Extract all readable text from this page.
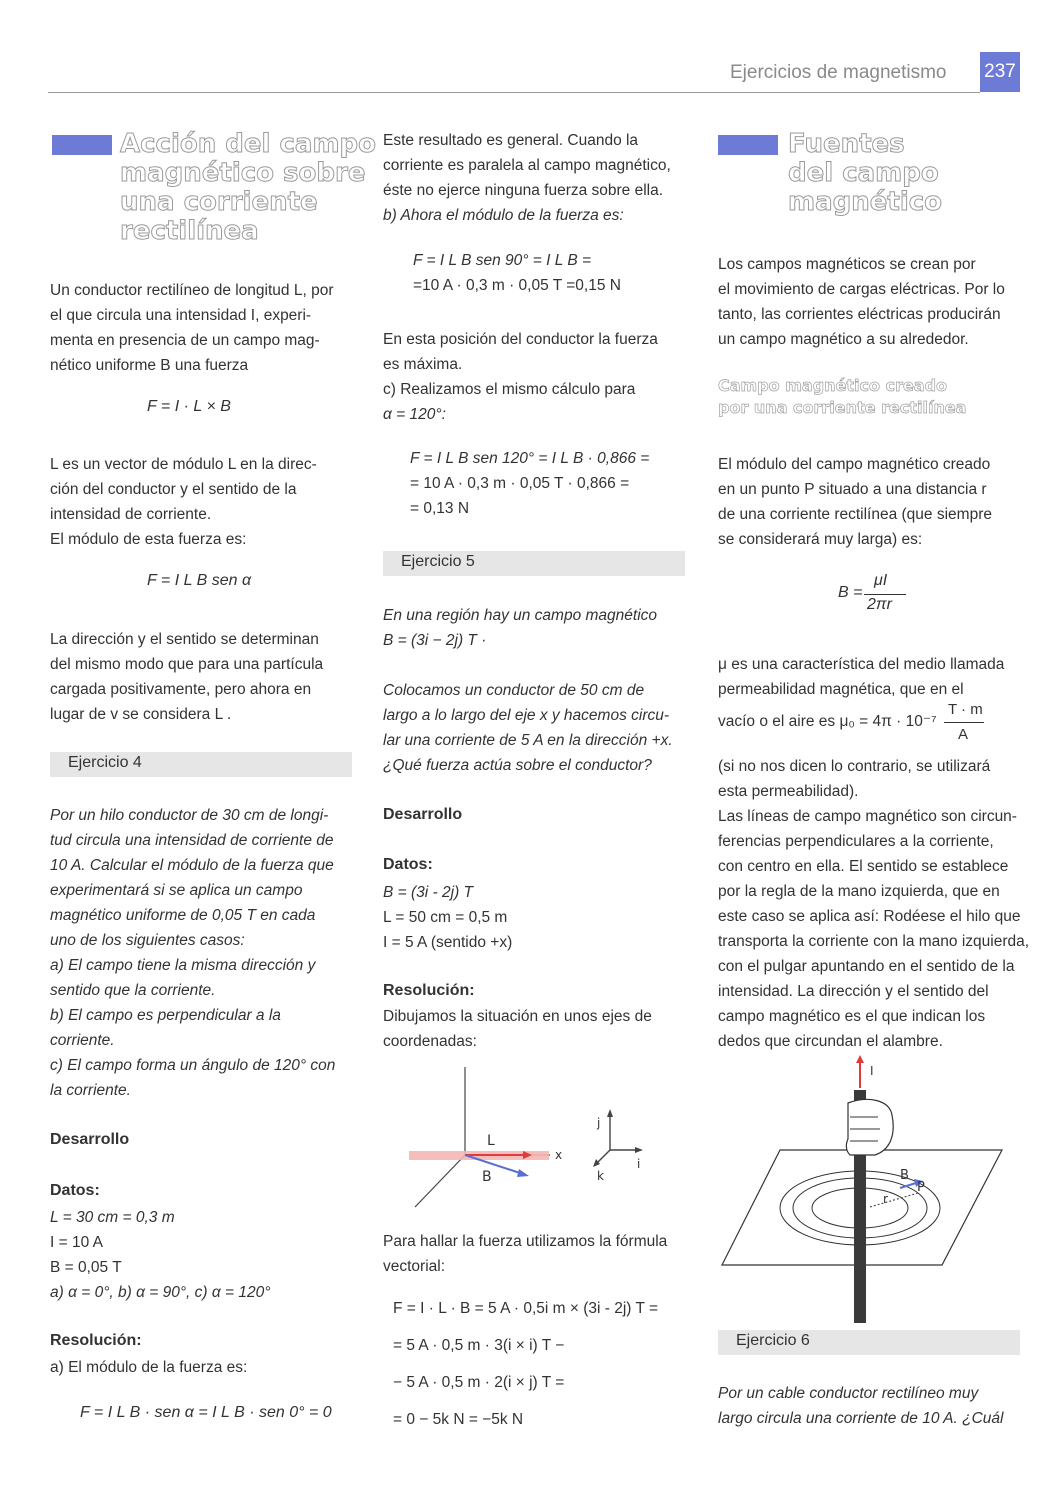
Ejercicios de magnetismo 237
Acción del campo
magnético sobre
una corriente
rectilínea
Un conductor rectilíneo de longitud L, por
el que circula una intensidad I, experi-
menta en presencia de un campo mag-
nético uniforme B una fuerza
F = I · L × B
L es un vector de módulo L en la direc-
ción del conductor y el sentido de la
intensidad de corriente.
El módulo de esta fuerza es:
F = I L B sen α
La dirección y el sentido se determinan
del mismo modo que para una partícula
cargada positivamente, pero ahora en
lugar de v se considera L .
Ejercicio 4
Por un hilo conductor de 30 cm de longi-
tud circula una intensidad de corriente de
10 A. Calcular el módulo de la fuerza que
experimentará si se aplica un campo
magnético uniforme de 0,05 T en cada
uno de los siguientes casos:
a) El campo tiene la misma dirección y
sentido que la corriente.
b) El campo es perpendicular a la
corriente.
c) El campo forma un ángulo de 120° con
la corriente.
Desarrollo
Datos:
L = 30 cm = 0,3 m
I = 10 A
B = 0,05 T
a) α = 0°, b) α = 90°, c) α = 120°
Resolución:
a) El módulo de la fuerza es:
F = I L B · sen α = I L B · sen 0° = 0
Este resultado es general. Cuando la
corriente es paralela al campo magnético,
éste no ejerce ninguna fuerza sobre ella.
b) Ahora el módulo de la fuerza es:
F = I L B sen 90° = I L B =
=10 A · 0,3 m · 0,05 T =0,15 N
En esta posición del conductor la fuerza
es máxima.
c) Realizamos el mismo cálculo para
α = 120°:
F = I L B sen 120° = I L B · 0,866 =
= 10 A · 0,3 m · 0,05 T · 0,866 =
= 0,13 N
Ejercicio 5
En una región hay un campo magnético
B = (3i − 2j) T ·
Colocamos un conductor de 50 cm de
largo a lo largo del eje x y hacemos circu-
lar una corriente de 5 A en la dirección +x.
¿Qué fuerza actúa sobre el conductor?
Desarrollo
Datos:
B = (3i - 2j) T
L = 50 cm = 0,5 m
I = 5 A (sentido +x)
Resolución:
Dibujamos la situación en unos ejes de
coordenadas:
L
B
x
j
i
k
Para hallar la fuerza utilizamos la fórmula
vectorial:
F = I · L · B = 5 A · 0,5i m × (3i - 2j) T =
= 5 A · 0,5 m · 3(i × i) T −
− 5 A · 0,5 m · 2(i × j) T =
= 0 − 5k N = −5k N
Fuentes
del campo
magnético
Los campos magnéticos se crean por
el movimiento de cargas eléctricas. Por lo
tanto, las corrientes eléctricas producirán
un campo magnético a su alrededor.
Campo magnético creado
por una corriente rectilínea
El módulo del campo magnético creado
en un punto P situado a una distancia r
de una corriente rectilínea (que siempre
se considerará muy larga) es:
B =
μI
2πr
μ es una característica del medio llamada
permeabilidad magnética, que en el
vacío o el aire es μ₀ = 4π · 10⁻⁷
T · m
A
(si no nos dicen lo contrario, se utilizará
esta permeabilidad).
Las líneas de campo magnético son circun-
ferencias perpendiculares a la corriente,
con centro en ella. El sentido se establece
por la regla de la mano izquierda, que en
este caso se aplica así: Rodéese el hilo que
transporta la corriente con la mano izquierda,
con el pulgar apuntando en el sentido de la
intensidad. La dirección y el sentido del
campo magnético es el que indican los
dedos que circundan el alambre.
I
B
P
r
Ejercicio 6
Por un cable conductor rectilíneo muy
largo circula una corriente de 10 A. ¿Cuál
